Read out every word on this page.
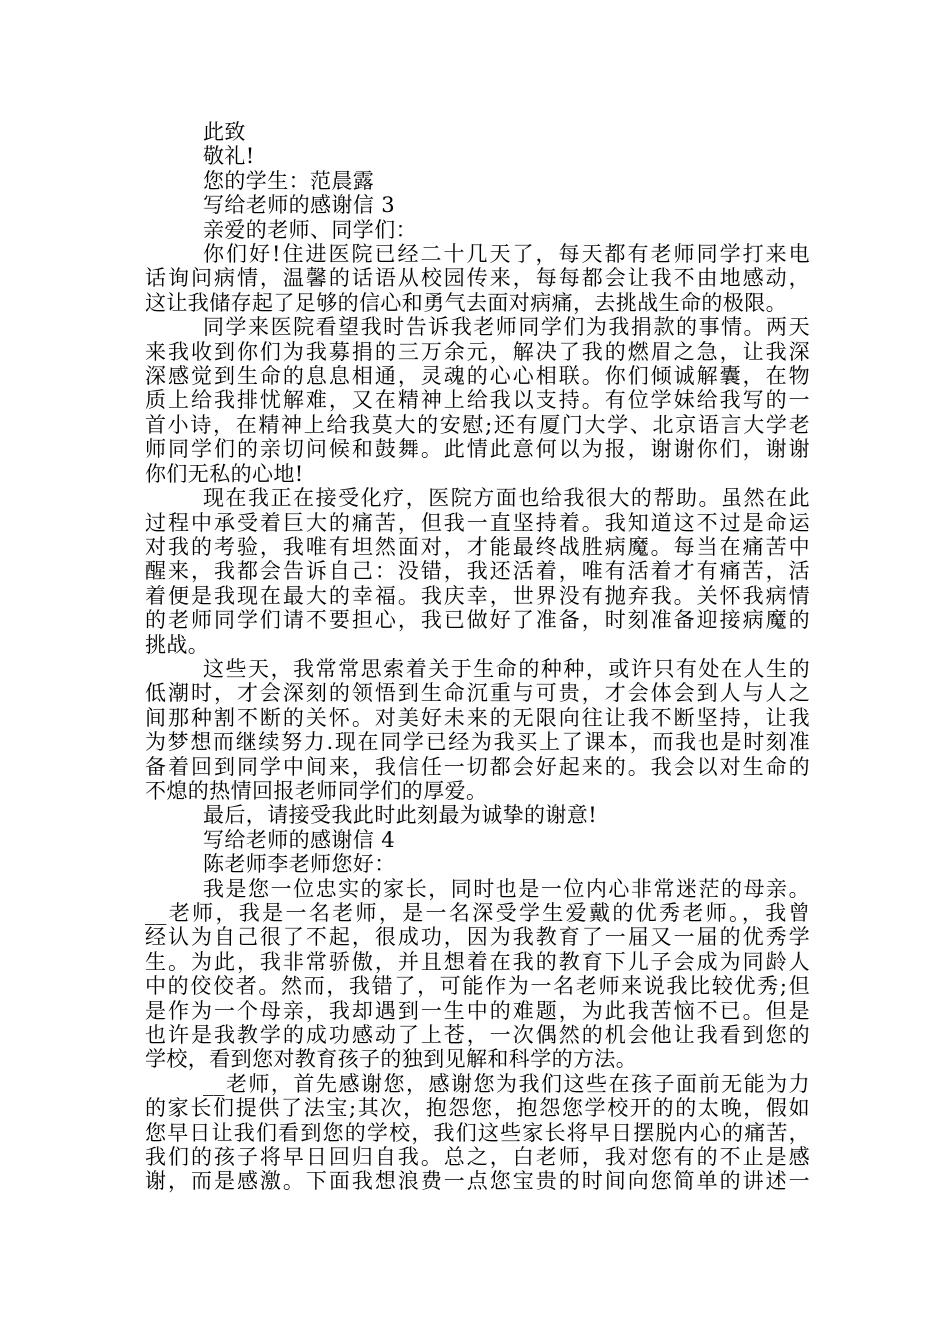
此致

敬礼!

您的学生：范晨露

写给老师的感谢信 3

亲爱的老师、同学们：

你们好!住进医院已经二十几天了，每天都有老师同学打来电

话询问病情，温馨的话语从校园传来，每每都会让我不由地感动，

这让我储存起了足够的信心和勇气去面对病痛，去挑战生命的极限。

同学来医院看望我时告诉我老师同学们为我捐款的事情。两天

来我收到你们为我募捐的三万余元，解决了我的燃眉之急，让我深

深感觉到生命的息息相通，灵魂的心心相联。你们倾诚解囊，在物

质上给我排忧解难，又在精神上给我以支持。有位学妹给我写的一

首小诗，在精神上给我莫大的安慰;还有厦门大学、北京语言大学老

师同学们的亲切问候和鼓舞。此情此意何以为报，谢谢你们，谢谢

你们无私的心地!

现在我正在接受化疗，医院方面也给我很大的帮助。虽然在此

过程中承受着巨大的痛苦，但我一直坚持着。我知道这不过是命运

对我的考验，我唯有坦然面对，才能最终战胜病魔。每当在痛苦中

醒来，我都会告诉自己：没错，我还活着，唯有活着才有痛苦，活

着便是我现在最大的幸福。我庆幸，世界没有抛弃我。关怀我病情

的老师同学们请不要担心，我已做好了准备，时刻准备迎接病魔的

挑战。

这些天，我常常思索着关于生命的种种，或许只有处在人生的

低潮时，才会深刻的领悟到生命沉重与可贵，才会体会到人与人之

间那种割不断的关怀。对美好未来的无限向往让我不断坚持，让我

为梦想而继续努力.现在同学已经为我买上了课本，而我也是时刻准

备着回到同学中间来，我信任一切都会好起来的。我会以对生命的

不熄的热情回报老师同学们的厚爱。

最后，请接受我此时此刻最为诚挚的谢意!

写给老师的感谢信 4

陈老师李老师您好：

我是您一位忠实的家长，同时也是一位内心非常迷茫的母亲。

__老师，我是一名老师，是一名深受学生爱戴的优秀老师。，我曾

经认为自己很了不起，很成功，因为我教育了一届又一届的优秀学

生。为此，我非常骄傲，并且想着在我的教育下儿子会成为同龄人

中的佼佼者。然而，我错了，可能作为一名老师来说我比较优秀;但

是作为一个母亲，我却遇到一生中的难题，为此我苦恼不已。但是

也许是我教学的成功感动了上苍，一次偶然的机会他让我看到您的

学校，看到您对教育孩子的独到见解和科学的方法。

__老师，首先感谢您，感谢您为我们这些在孩子面前无能为力

的家长们提供了法宝;其次，抱怨您，抱怨您学校开的的太晚，假如

您早日让我们看到您的学校，我们这些家长将早日摆脱内心的痛苦，

我们的孩子将早日回归自我。总之，白老师，我对您有的不止是感

谢，而是感激。下面我想浪费一点您宝贵的时间向您简单的讲述一
